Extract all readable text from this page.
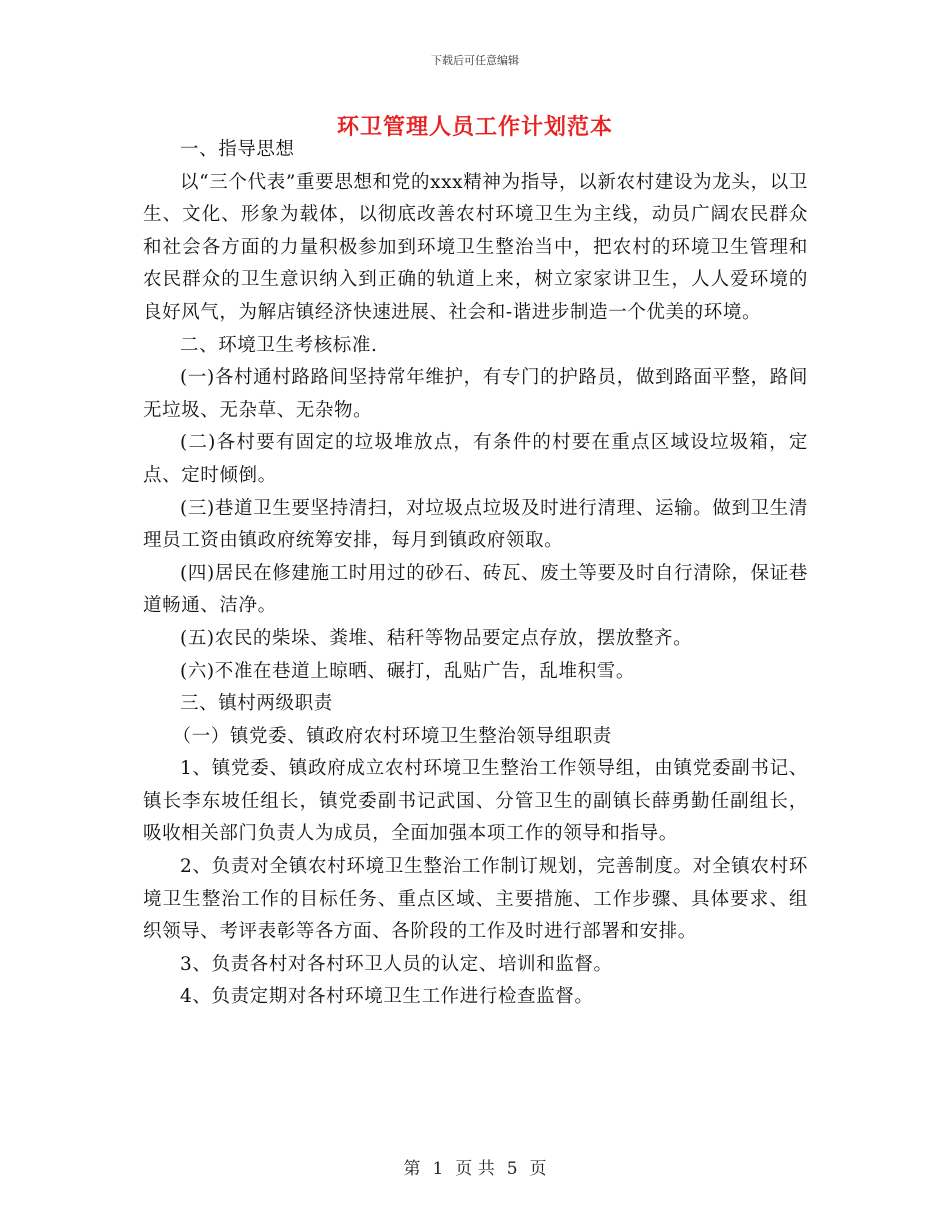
下载后可任意编辑
环卫管理人员工作计划范本

一、指导思想

以“三个代表”重要思想和党的xxx精神为指导，以新农村建设为龙头，以卫生、文化、形象为载体，以彻底改善农村环境卫生为主线，动员广阔农民群众和社会各方面的力量积极参加到环境卫生整治当中，把农村的环境卫生管理和农民群众的卫生意识纳入到正确的轨道上来，树立家家讲卫生，人人爱环境的良好风气，为解店镇经济快速进展、社会和-谐进步制造一个优美的环境。

二、环境卫生考核标准.

(一)各村通村路路间坚持常年维护，有专门的护路员，做到路面平整，路间无垃圾、无杂草、无杂物。

(二)各村要有固定的垃圾堆放点，有条件的村要在重点区域设垃圾箱，定点、定时倾倒。

(三)巷道卫生要坚持清扫，对垃圾点垃圾及时进行清理、运输。做到卫生清理员工资由镇政府统筹安排，每月到镇政府领取。

(四)居民在修建施工时用过的砂石、砖瓦、废土等要及时自行清除，保证巷道畅通、洁净。

(五)农民的柴垛、粪堆、秸秆等物品要定点存放，摆放整齐。

(六)不准在巷道上晾晒、碾打，乱贴广告，乱堆积雪。

三、镇村两级职责

（一）镇党委、镇政府农村环境卫生整治领导组职责

1、镇党委、镇政府成立农村环境卫生整治工作领导组，由镇党委副书记、镇长李东坡任组长，镇党委副书记武国、分管卫生的副镇长薛勇勤任副组长，吸收相关部门负责人为成员，全面加强本项工作的领导和指导。

2、负责对全镇农村环境卫生整治工作制订规划，完善制度。对全镇农村环境卫生整治工作的目标任务、重点区域、主要措施、工作步骤、具体要求、组织领导、考评表彰等各方面、各阶段的工作及时进行部署和安排。

3、负责各村对各村环卫人员的认定、培训和监督。

4、负责定期对各村环境卫生工作进行检查监督。

第 1 页 共 5 页
